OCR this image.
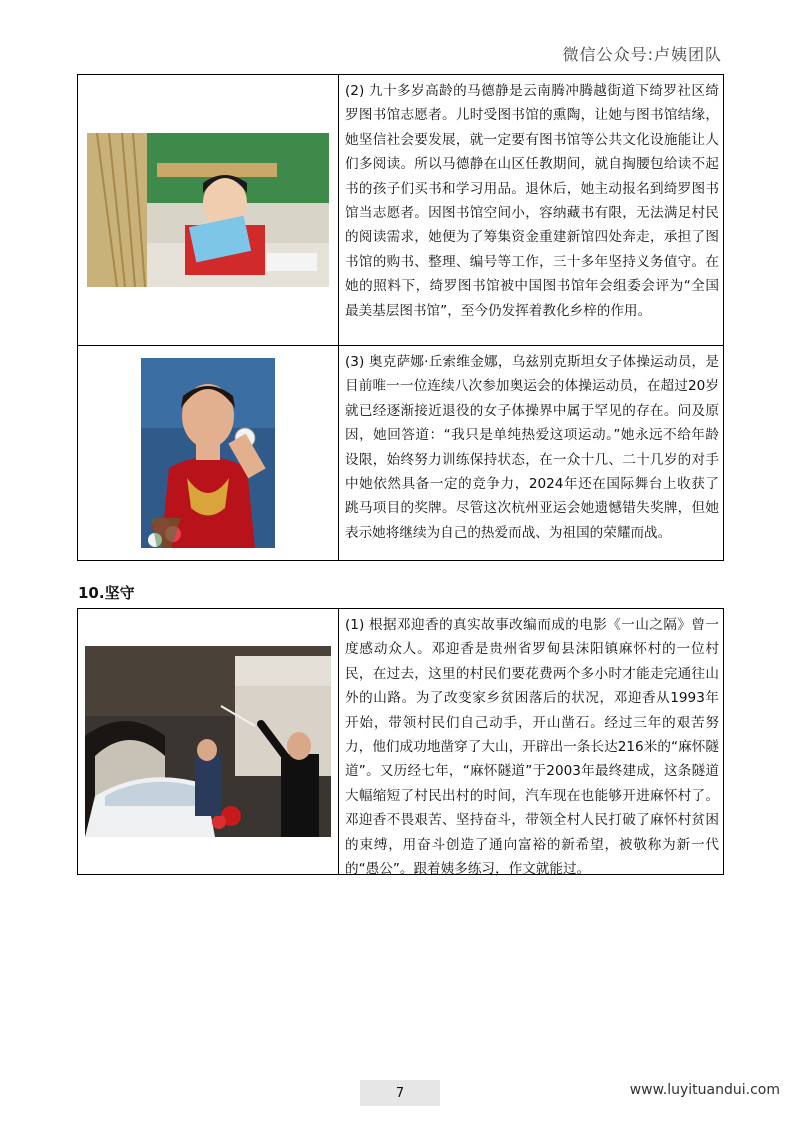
微信公众号:卢姨团队
(2) 九十多岁高龄的马德静是云南腾冲腾越街道下绮罗社区绮罗图书馆志愿者。儿时受图书馆的熏陶，让她与图书馆结缘，她坚信社会要发展，就一定要有图书馆等公共文化设施能让人们多阅读。所以马德静在山区任教期间，就自掏腰包给读不起书的孩子们买书和学习用品。退休后，她主动报名到绮罗图书馆当志愿者。因图书馆空间小，容纳藏书有限，无法满足村民的阅读需求，她便为了筹集资金重建新馆四处奔走，承担了图书馆的购书、整理、编号等工作，三十多年坚持义务值守。在她的照料下，绮罗图书馆被中国图书馆年会组委会评为“全国最美基层图书馆”，至今仍发挥着教化乡梓的作用。
(3) 奥克萨娜·丘索维金娜，乌兹别克斯坦女子体操运动员，是目前唯一一位连续八次参加奥运会的体操运动员，在超过20岁就已经逐渐接近退役的女子体操界中属于罕见的存在。问及原因，她回答道：“我只是单纯热爱这项运动。”她永远不给年龄设限，始终努力训练保持状态，在一众十几、二十几岁的对手中她依然具备一定的竞争力，2024年还在国际舞台上收获了跳马项目的奖牌。尽管这次杭州亚运会她遗憾错失奖牌，但她表示她将继续为自己的热爱而战、为祖国的荣耀而战。
10.坚守
(1) 根据邓迎香的真实故事改编而成的电影《一山之隔》曾一度感动众人。邓迎香是贵州省罗甸县沫阳镇麻怀村的一位村民，在过去，这里的村民们要花费两个多小时才能走完通往山外的山路。为了改变家乡贫困落后的状况，邓迎香从1993年开始，带领村民们自己动手，开山凿石。经过三年的艰苦努力，他们成功地凿穿了大山，开辟出一条长达216米的“麻怀隧道”。又历经七年，“麻怀隧道”于2003年最终建成，这条隧道大幅缩短了村民出村的时间，汽车现在也能够开进麻怀村了。邓迎香不畏艰苦、坚持奋斗，带领全村人民打破了麻怀村贫困的束缚，用奋斗创造了通向富裕的新希望，被敬称为新一代的“愚公”。跟着姨多练习，作文就能过。
7	www.luyituandui.com
